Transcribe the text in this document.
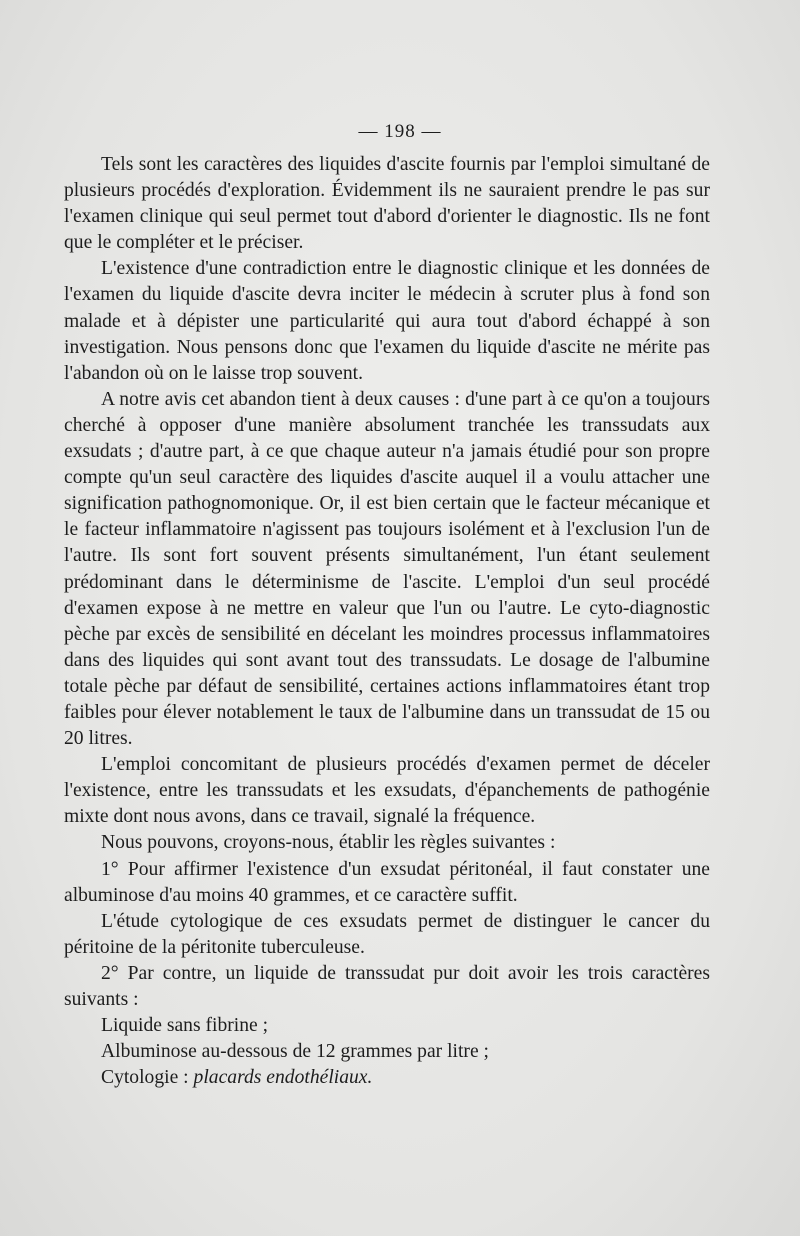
— 198 —

Tels sont les caractères des liquides d'ascite fournis par l'emploi simultané de plusieurs procédés d'exploration. Évidemment ils ne sauraient prendre le pas sur l'examen clinique qui seul permet tout d'abord d'orienter le diagnostic. Ils ne font que le compléter et le préciser.

L'existence d'une contradiction entre le diagnostic clinique et les données de l'examen du liquide d'ascite devra inciter le médecin à scruter plus à fond son malade et à dépister une particularité qui aura tout d'abord échappé à son investigation. Nous pensons donc que l'examen du liquide d'ascite ne mérite pas l'abandon où on le laisse trop souvent.

A notre avis cet abandon tient à deux causes : d'une part à ce qu'on a toujours cherché à opposer d'une manière absolument tranchée les transsudats aux exsudats ; d'autre part, à ce que chaque auteur n'a jamais étudié pour son propre compte qu'un seul caractère des liquides d'ascite auquel il a voulu attacher une signification pathognomonique. Or, il est bien certain que le facteur mécanique et le facteur inflammatoire n'agissent pas toujours isolément et à l'exclusion l'un de l'autre. Ils sont fort souvent présents simultanément, l'un étant seulement prédominant dans le déterminisme de l'ascite. L'emploi d'un seul procédé d'examen expose à ne mettre en valeur que l'un ou l'autre. Le cyto-diagnostic pèche par excès de sensibilité en décelant les moindres processus inflammatoires dans des liquides qui sont avant tout des transsudats. Le dosage de l'albumine totale pèche par défaut de sensibilité, certaines actions inflammatoires étant trop faibles pour élever notablement le taux de l'albumine dans un transsudat de 15 ou 20 litres.

L'emploi concomitant de plusieurs procédés d'examen permet de déceler l'existence, entre les transsudats et les exsudats, d'épanchements de pathogénie mixte dont nous avons, dans ce travail, signalé la fréquence.

Nous pouvons, croyons-nous, établir les règles suivantes :

1° Pour affirmer l'existence d'un exsudat péritonéal, il faut constater une albuminose d'au moins 40 grammes, et ce caractère suffit.

L'étude cytologique de ces exsudats permet de distinguer le cancer du péritoine de la péritonite tuberculeuse.

2° Par contre, un liquide de transsudat pur doit avoir les trois caractères suivants :

Liquide sans fibrine ;

Albuminose au-dessous de 12 grammes par litre ;

Cytologie : placards endothéliaux.
